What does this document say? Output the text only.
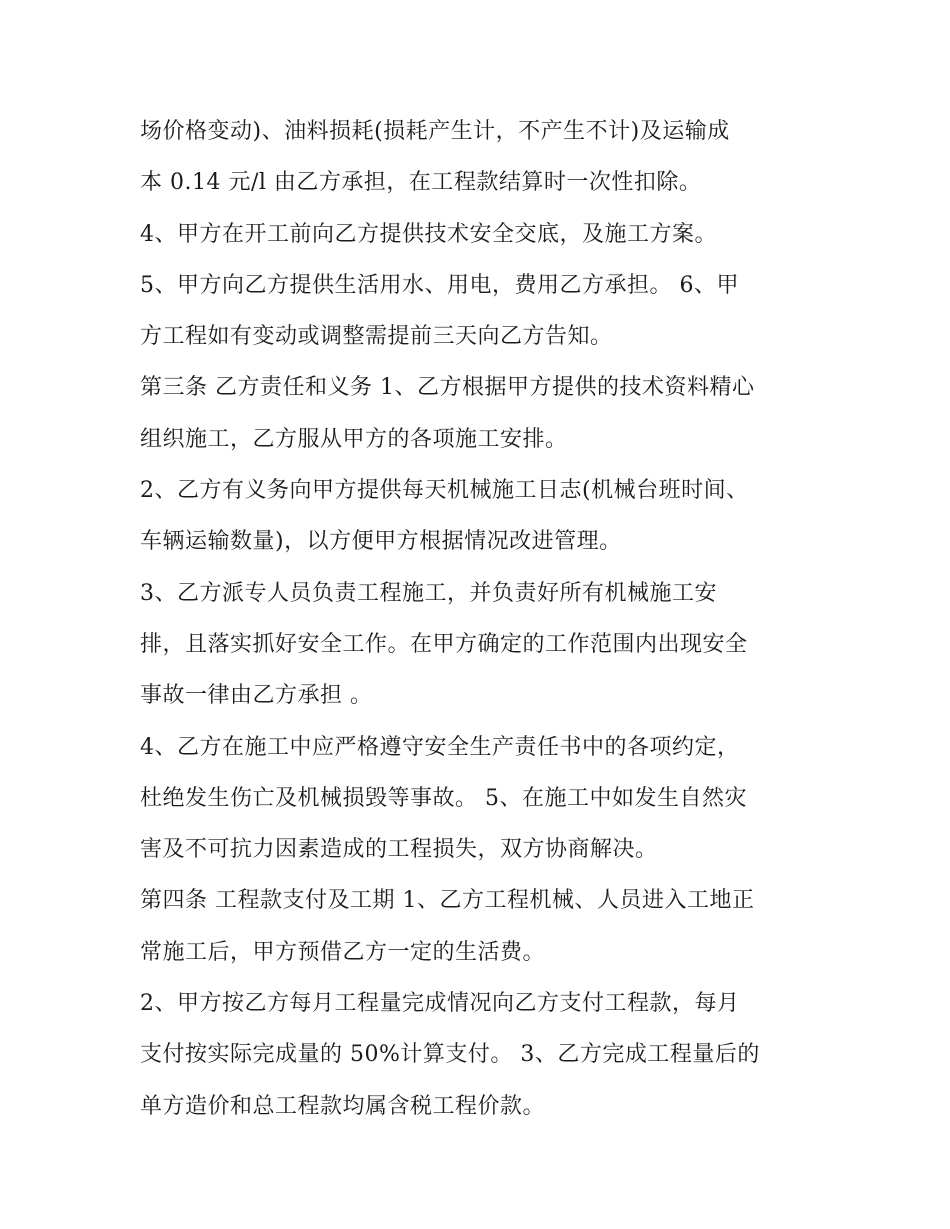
场价格变动)、油料损耗(损耗产生计，不产生不计)及运输成
本 0.14 元/l 由乙方承担，在工程款结算时一次性扣除。
4、甲方在开工前向乙方提供技术安全交底，及施工方案。
5、甲方向乙方提供生活用水、用电，费用乙方承担。 6、甲
方工程如有变动或调整需提前三天向乙方告知。
第三条 乙方责任和义务 1、乙方根据甲方提供的技术资料精心
组织施工，乙方服从甲方的各项施工安排。
2、乙方有义务向甲方提供每天机械施工日志(机械台班时间、
车辆运输数量)，以方便甲方根据情况改进管理。
3、乙方派专人员负责工程施工，并负责好所有机械施工安
排，且落实抓好安全工作。在甲方确定的工作范围内出现安全
事故一律由乙方承担 。
4、乙方在施工中应严格遵守安全生产责任书中的各项约定，
杜绝发生伤亡及机械损毁等事故。 5、在施工中如发生自然灾
害及不可抗力因素造成的工程损失，双方协商解决。
第四条 工程款支付及工期 1、乙方工程机械、人员进入工地正
常施工后，甲方预借乙方一定的生活费。
2、甲方按乙方每月工程量完成情况向乙方支付工程款，每月
支付按实际完成量的 50%计算支付。 3、乙方完成工程量后的
单方造价和总工程款均属含税工程价款。
